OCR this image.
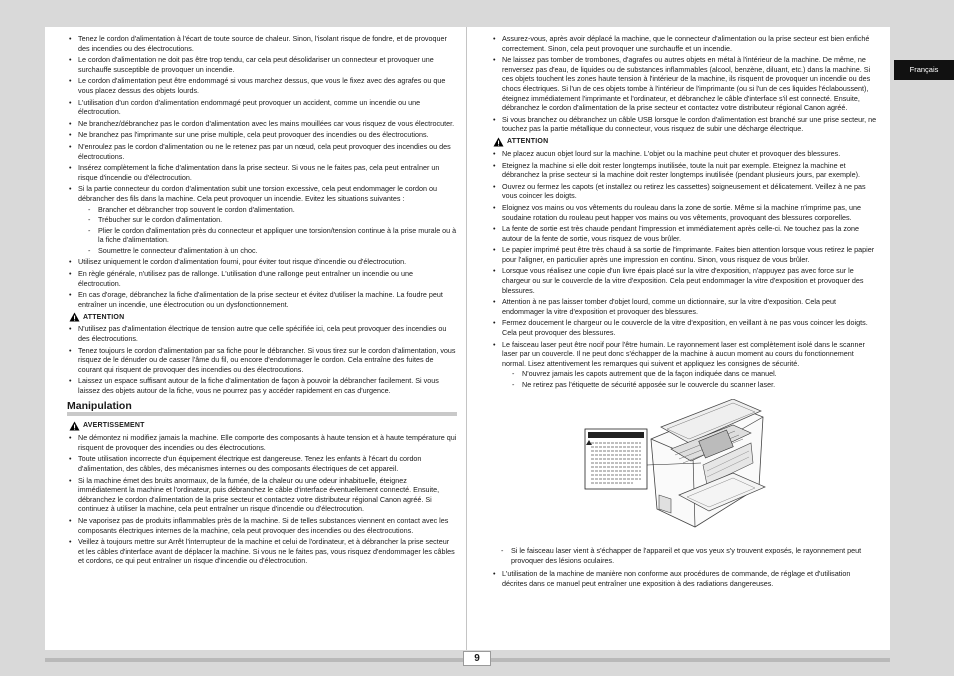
• Tenez le cordon d'alimentation à l'écart de toute source de chaleur. Sinon, l'isolant risque de fondre, et de provoquer des incendies ou des électrocutions.
• Le cordon d'alimentation ne doit pas être trop tendu, car cela peut désolidariser un connecteur et provoquer une surchauffe susceptible de provoquer un incendie.
• Le cordon d'alimentation peut être endommagé si vous marchez dessus, que vous le fixez avec des agrafes ou que vous placez dessus des objets lourds.
• L'utilisation d'un cordon d'alimentation endommagé peut provoquer un accident, comme un incendie ou une électrocution.
• Ne branchez/débranchez pas le cordon d'alimentation avec les mains mouillées car vous risquez de vous électrocuter.
• Ne branchez pas l'imprimante sur une prise multiple, cela peut provoquer des incendies ou des électrocutions.
• N'enroulez pas le cordon d'alimentation ou ne le retenez pas par un nœud, cela peut provoquer des incendies ou des électrocutions.
• Insérez complètement la fiche d'alimentation dans la prise secteur. Si vous ne le faites pas, cela peut entraîner un risque d'incendie ou d'électrocution.
• Si la partie connecteur du cordon d'alimentation subit une torsion excessive, cela peut endommager le cordon ou débrancher des fils dans la machine. Cela peut provoquer un incendie. Evitez les situations suivantes :
- Brancher et débrancher trop souvent le cordon d'alimentation.
- Trébucher sur le cordon d'alimentation.
- Plier le cordon d'alimentation près du connecteur et appliquer une torsion/tension continue à la prise murale ou à la fiche d'alimentation.
- Soumettre le connecteur d'alimentation à un choc.
• Utilisez uniquement le cordon d'alimentation fourni, pour éviter tout risque d'incendie ou d'électrocution.
• En règle générale, n'utilisez pas de rallonge. L'utilisation d'une rallonge peut entraîner un incendie ou une électrocution.
• En cas d'orage, débranchez la fiche d'alimentation de la prise secteur et évitez d'utiliser la machine. La foudre peut entraîner un incendie, une électrocution ou un dysfonctionnement.
ATTENTION
• N'utilisez pas d'alimentation électrique de tension autre que celle spécifiée ici, cela peut provoquer des incendies ou des électrocutions.
• Tenez toujours le cordon d'alimentation par sa fiche pour le débrancher. Si vous tirez sur le cordon d'alimentation, vous risquez de le dénuder ou de casser l'âme du fil, ou encore d'endommager le cordon. Cela entraîne des fuites de courant qui risquent de provoquer des incendies ou des électrocutions.
• Laissez un espace suffisant autour de la fiche d'alimentation de façon à pouvoir la débrancher facilement. Si vous laissez des objets autour de la fiche, vous ne pourrez pas y accéder rapidement en cas d'urgence.
Manipulation
AVERTISSEMENT
• Ne démontez ni modifiez jamais la machine. Elle comporte des composants à haute tension et à haute température qui risquent de provoquer des incendies ou des électrocutions.
• Toute utilisation incorrecte d'un équipement électrique est dangereuse. Tenez les enfants à l'écart du cordon d'alimentation, des câbles, des mécanismes internes ou des composants électriques de cet appareil.
• Si la machine émet des bruits anormaux, de la fumée, de la chaleur ou une odeur inhabituelle, éteignez immédiatement la machine et l'ordinateur, puis débranchez le câble d'interface éventuellement connecté. Ensuite, débranchez le cordon d'alimentation de la prise secteur et contactez votre distributeur régional Canon agréé. Si continuez à utiliser la machine, cela peut entraîner un risque d'incendie ou d'électrocution.
• Ne vaporisez pas de produits inflammables près de la machine. Si de telles substances viennent en contact avec les composants électriques internes de la machine, cela peut provoquer des incendies ou des électrocutions.
• Veillez à toujours mettre sur Arrêt l'interrupteur de la machine et celui de l'ordinateur, et à débrancher la prise secteur et les câbles d'interface avant de déplacer la machine. Si vous ne le faites pas, vous risquez d'endommager les câbles et cordons, ce qui peut entraîner un risque d'incendie ou d'électrocution.
• Assurez-vous, après avoir déplacé la machine, que le connecteur d'alimentation ou la prise secteur est bien enfiché correctement. Sinon, cela peut provoquer une surchauffe et un incendie.
• Ne laissez pas tomber de trombones, d'agrafes ou autres objets en métal à l'intérieur de la machine. De même, ne renversez pas d'eau, de liquides ou de substances inflammables (alcool, benzène, diluant, etc.) dans la machine. Si ces objets touchent les zones haute tension à l'intérieur de la machine, ils risquent de provoquer un incendie ou des chocs électriques. Si l'un de ces objets tombe à l'intérieur de l'imprimante (ou si l'un de ces liquides l'éclaboussent), éteignez immédiatement l'imprimante et l'ordinateur, et débranchez le câble d'interface s'il est connecté. Ensuite, débranchez le cordon d'alimentation de la prise secteur et contactez votre distributeur régional Canon agréé.
• Si vous branchez ou débranchez un câble USB lorsque le cordon d'alimentation est branché sur une prise secteur, ne touchez pas la partie métallique du connecteur, vous risquez de subir une décharge électrique.
ATTENTION
• Ne placez aucun objet lourd sur la machine. L'objet ou la machine peut chuter et provoquer des blessures.
• Eteignez la machine si elle doit rester longtemps inutilisée, toute la nuit par exemple. Eteignez la machine et débranchez la prise secteur si la machine doit rester longtemps inutilisée (pendant plusieurs jours, par exemple).
• Ouvrez ou fermez les capots (et installez ou retirez les cassettes) soigneusement et délicatement. Veillez à ne pas vous coincer les doigts.
• Eloignez vos mains ou vos vêtements du rouleau dans la zone de sortie. Même si la machine n'imprime pas, une soudaine rotation du rouleau peut happer vos mains ou vos vêtements, provoquant des blessures corporelles.
• La fente de sortie est très chaude pendant l'impression et immédiatement après celle-ci. Ne touchez pas la zone autour de la fente de sortie, vous risquez de vous brûler.
• Le papier imprimé peut être très chaud à sa sortie de l'imprimante. Faites bien attention lorsque vous retirez le papier pour l'aligner, en particulier après une impression en continu. Sinon, vous risquez de vous brûler.
• Lorsque vous réalisez une copie d'un livre épais placé sur la vitre d'exposition, n'appuyez pas avec force sur le chargeur ou sur le couvercle de la vitre d'exposition. Cela peut endommager la vitre d'exposition et provoquer des blessures.
• Attention à ne pas laisser tomber d'objet lourd, comme un dictionnaire, sur la vitre d'exposition. Cela peut endommager la vitre d'exposition et provoquer des blessures.
• Fermez doucement le chargeur ou le couvercle de la vitre d'exposition, en veillant à ne pas vous coincer les doigts. Cela peut provoquer des blessures.
• Le faisceau laser peut être nocif pour l'être humain. Le rayonnement laser est complètement isolé dans le scanner laser par un couvercle. Il ne peut donc s'échapper de la machine à aucun moment au cours du fonctionnement normal. Lisez attentivement les remarques qui suivent et appliquez les consignes de sécurité.
- N'ouvrez jamais les capots autrement que de la façon indiquée dans ce manuel.
- Ne retirez pas l'étiquette de sécurité apposée sur le couvercle du scanner laser.
- Si le faisceau laser vient à s'échapper de l'appareil et que vos yeux s'y trouvent exposés, le rayonnement peut provoquer des lésions oculaires.
• L'utilisation de la machine de manière non conforme aux procédures de commande, de réglage et d'utilisation décrites dans ce manuel peut entraîner une exposition à des radiations dangereuses.
9
Français
